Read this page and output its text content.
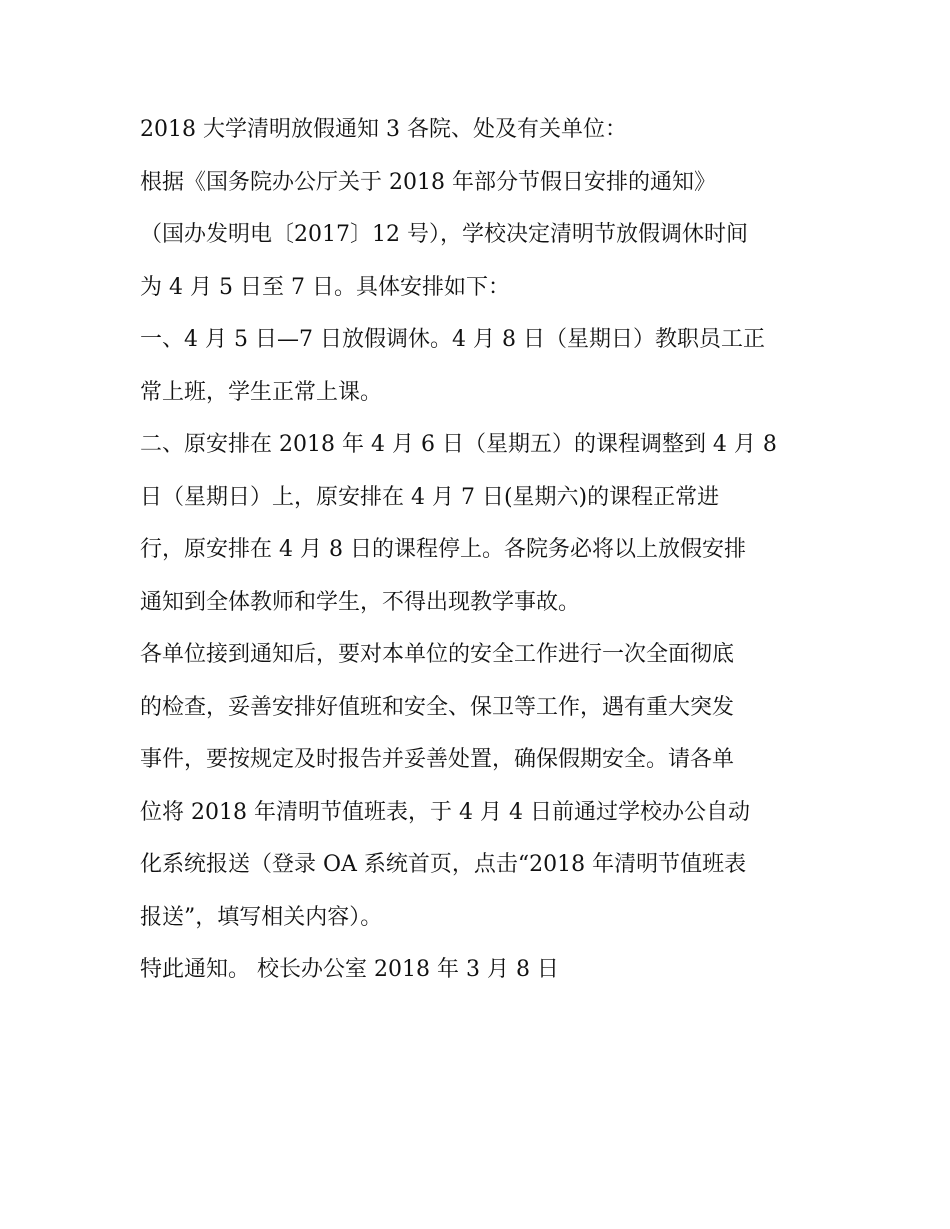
2018 大学清明放假通知 3 各院、处及有关单位：
根据《国务院办公厅关于 2018 年部分节假日安排的通知》
（国办发明电〔2017〕12 号），学校决定清明节放假调休时间
为 4 月 5 日至 7 日。具体安排如下：
一、4 月 5 日—7 日放假调休。4 月 8 日（星期日）教职员工正
常上班，学生正常上课。
二、原安排在 2018 年 4 月 6 日（星期五）的课程调整到 4 月 8
日（星期日）上，原安排在 4 月 7 日(星期六)的课程正常进
行，原安排在 4 月 8 日的课程停上。各院务必将以上放假安排
通知到全体教师和学生，不得出现教学事故。
各单位接到通知后，要对本单位的安全工作进行一次全面彻底
的检查，妥善安排好值班和安全、保卫等工作，遇有重大突发
事件，要按规定及时报告并妥善处置，确保假期安全。请各单
位将 2018 年清明节值班表，于 4 月 4 日前通过学校办公自动
化系统报送（登录 OA 系统首页，点击“2018 年清明节值班表
报送”，填写相关内容）。
特此通知。 校长办公室 2018 年 3 月 8 日
